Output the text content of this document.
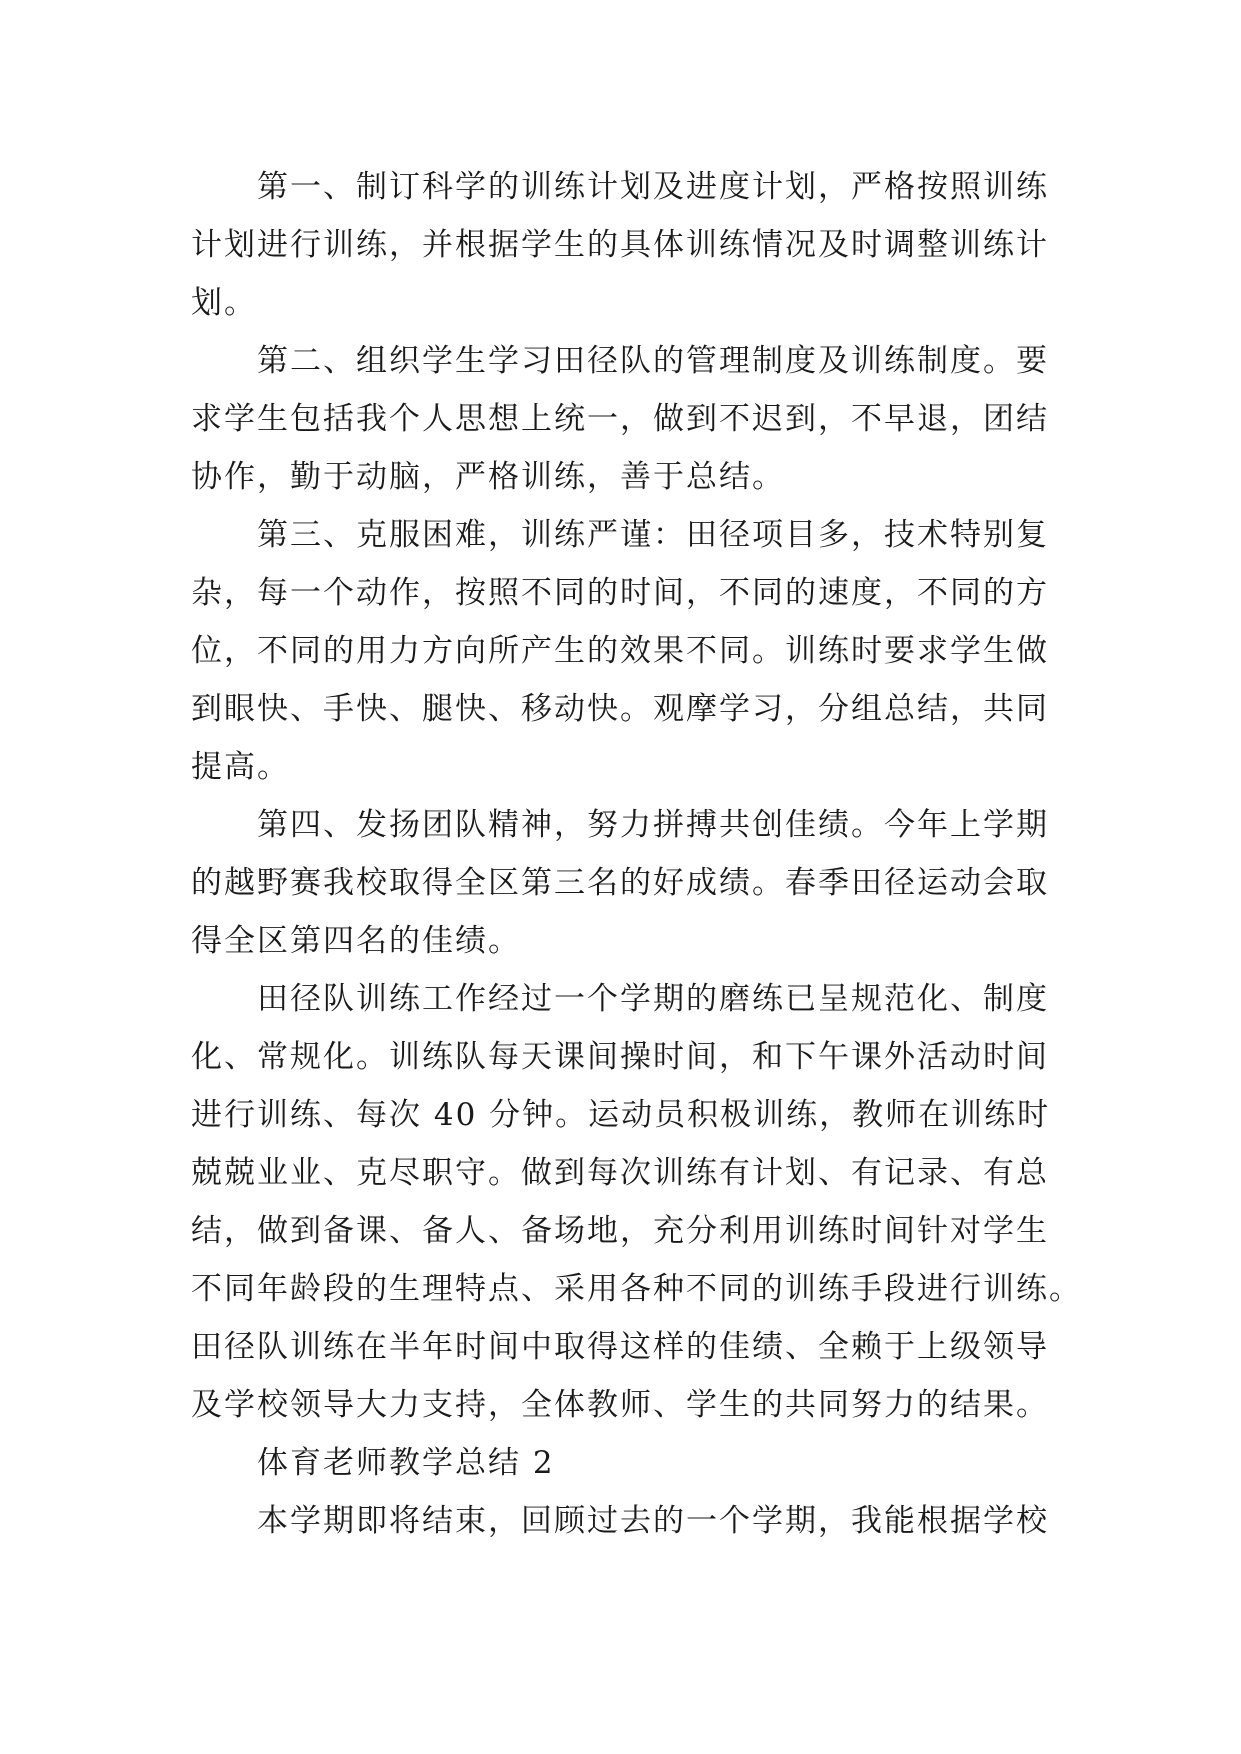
第一、制订科学的训练计划及进度计划，严格按照训练
计划进行训练，并根据学生的具体训练情况及时调整训练计
划。
第二、组织学生学习田径队的管理制度及训练制度。要
求学生包括我个人思想上统一，做到不迟到，不早退，团结
协作，勤于动脑，严格训练，善于总结。
第三、克服困难，训练严谨：田径项目多，技术特别复
杂，每一个动作，按照不同的时间，不同的速度，不同的方
位，不同的用力方向所产生的效果不同。训练时要求学生做
到眼快、手快、腿快、移动快。观摩学习，分组总结，共同
提高。
第四、发扬团队精神，努力拼搏共创佳绩。今年上学期
的越野赛我校取得全区第三名的好成绩。春季田径运动会取
得全区第四名的佳绩。
田径队训练工作经过一个学期的磨练已呈规范化、制度
化、常规化。训练队每天课间操时间，和下午课外活动时间
进行训练、每次 40 分钟。运动员积极训练，教师在训练时
兢兢业业、克尽职守。做到每次训练有计划、有记录、有总
结，做到备课、备人、备场地，充分利用训练时间针对学生
不同年龄段的生理特点、采用各种不同的训练手段进行训练。
田径队训练在半年时间中取得这样的佳绩、全赖于上级领导
及学校领导大力支持，全体教师、学生的共同努力的结果。
体育老师教学总结 2
本学期即将结束，回顾过去的一个学期，我能根据学校
